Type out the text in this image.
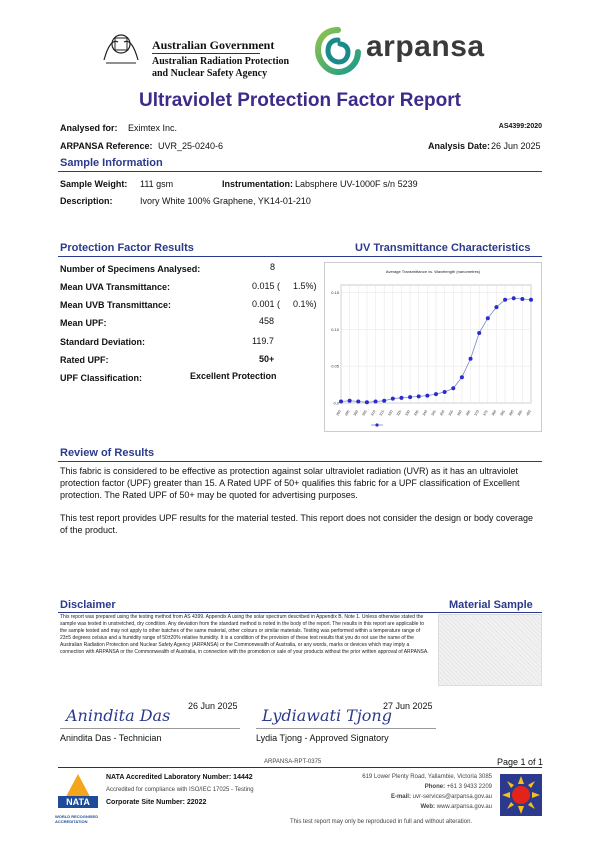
Australian Government
Australian Radiation Protection
and Nuclear Safety Agency
arpansa
Ultraviolet Protection Factor Report
Analysed for: Eximtex Inc.	AS4399:2020
ARPANSA Reference: UVR_25-0240-6	Analysis Date: 26 Jun 2025
Sample Information
Sample Weight: 111 gsm	Instrumentation: Labsphere UV-1000F s/n 5239
Description:	Ivory White 100% Graphene, YK14-01-210
Protection Factor Results	UV Transmittance Characteristics
Number of Specimens Analysed:	8
Mean UVA Transmittance:	0.015 ( 1.5%)
Mean UVB Transmittance:	0.001 ( 0.1%)
Mean UPF:	458
Standard Deviation:	119.7
Rated UPF:	50+
UPF Classification:	Excellent Protection
Average Transmittance vs. Wavelength (nanometres)
0.0
0.05
0.10
0.15
290 295 300 305 310 315 320 325 330 335 340 345 350 355 360 365 370 375 380 385 390 395 400
Review of Results
This fabric is considered to be effective as protection against solar ultraviolet radiation (UVR) as it has an ultraviolet protection factor (UPF) greater than 15. A Rated UPF of 50+ qualifies this fabric for a UPF classification of Excellent protection. The Rated UPF of 50+ may be quoted for advertising purposes.
This test report provides UPF results for the material tested. This report does not consider the design or body coverage of the product.
Disclaimer	Material Sample
This report was prepared using the testing method from AS 4399. Appendix A using the solar spectrum described in Appendix B. Note 1. Unless otherwise stated the sample was tested in unstretched, dry condition. Any deviation from the standard method is noted in the body of the report. The results in this report are applicable to the sample tested and may not apply to other batches of the same material, other colours or similar materials. Testing was performed within a temperature range of 23±5 degrees celsius and a humidity range of 50±20% relative humidity. It is a condition of the provision of these test results that you do not use the name of the Australian Radiation Protection and Nuclear Safety Agency (ARPANSA) or the Commonwealth of Australia, or any words, marks or devices which may imply a connection with ARPANSA or the Commonwealth of Australia, in connection with the promotion or sale of your products without the prior written approval of ARPANSA.
Anindita Das 26 Jun 2025
Anindita Das - Technician
Lydiawati Tjong
27 Jun 2025
Lydia Tjong - Approved Signatory
ARPANSA-RPT-0375	Page 1 of 1
NATA
WORLD RECOGNISED ACCREDITATION
NATA Accredited Laboratory Number: 14442
Accredited for compliance with ISO/IEC 17025 - Testing
Corporate Site Number: 22022
619 Lower Plenty Road, Yallambie, Victoria 3085
Phone: +61 3 9433 2209
E-mail: uvr-services@arpansa.gov.au
Web: www.arpansa.gov.au
This test report may only be reproduced in full and without alteration.
